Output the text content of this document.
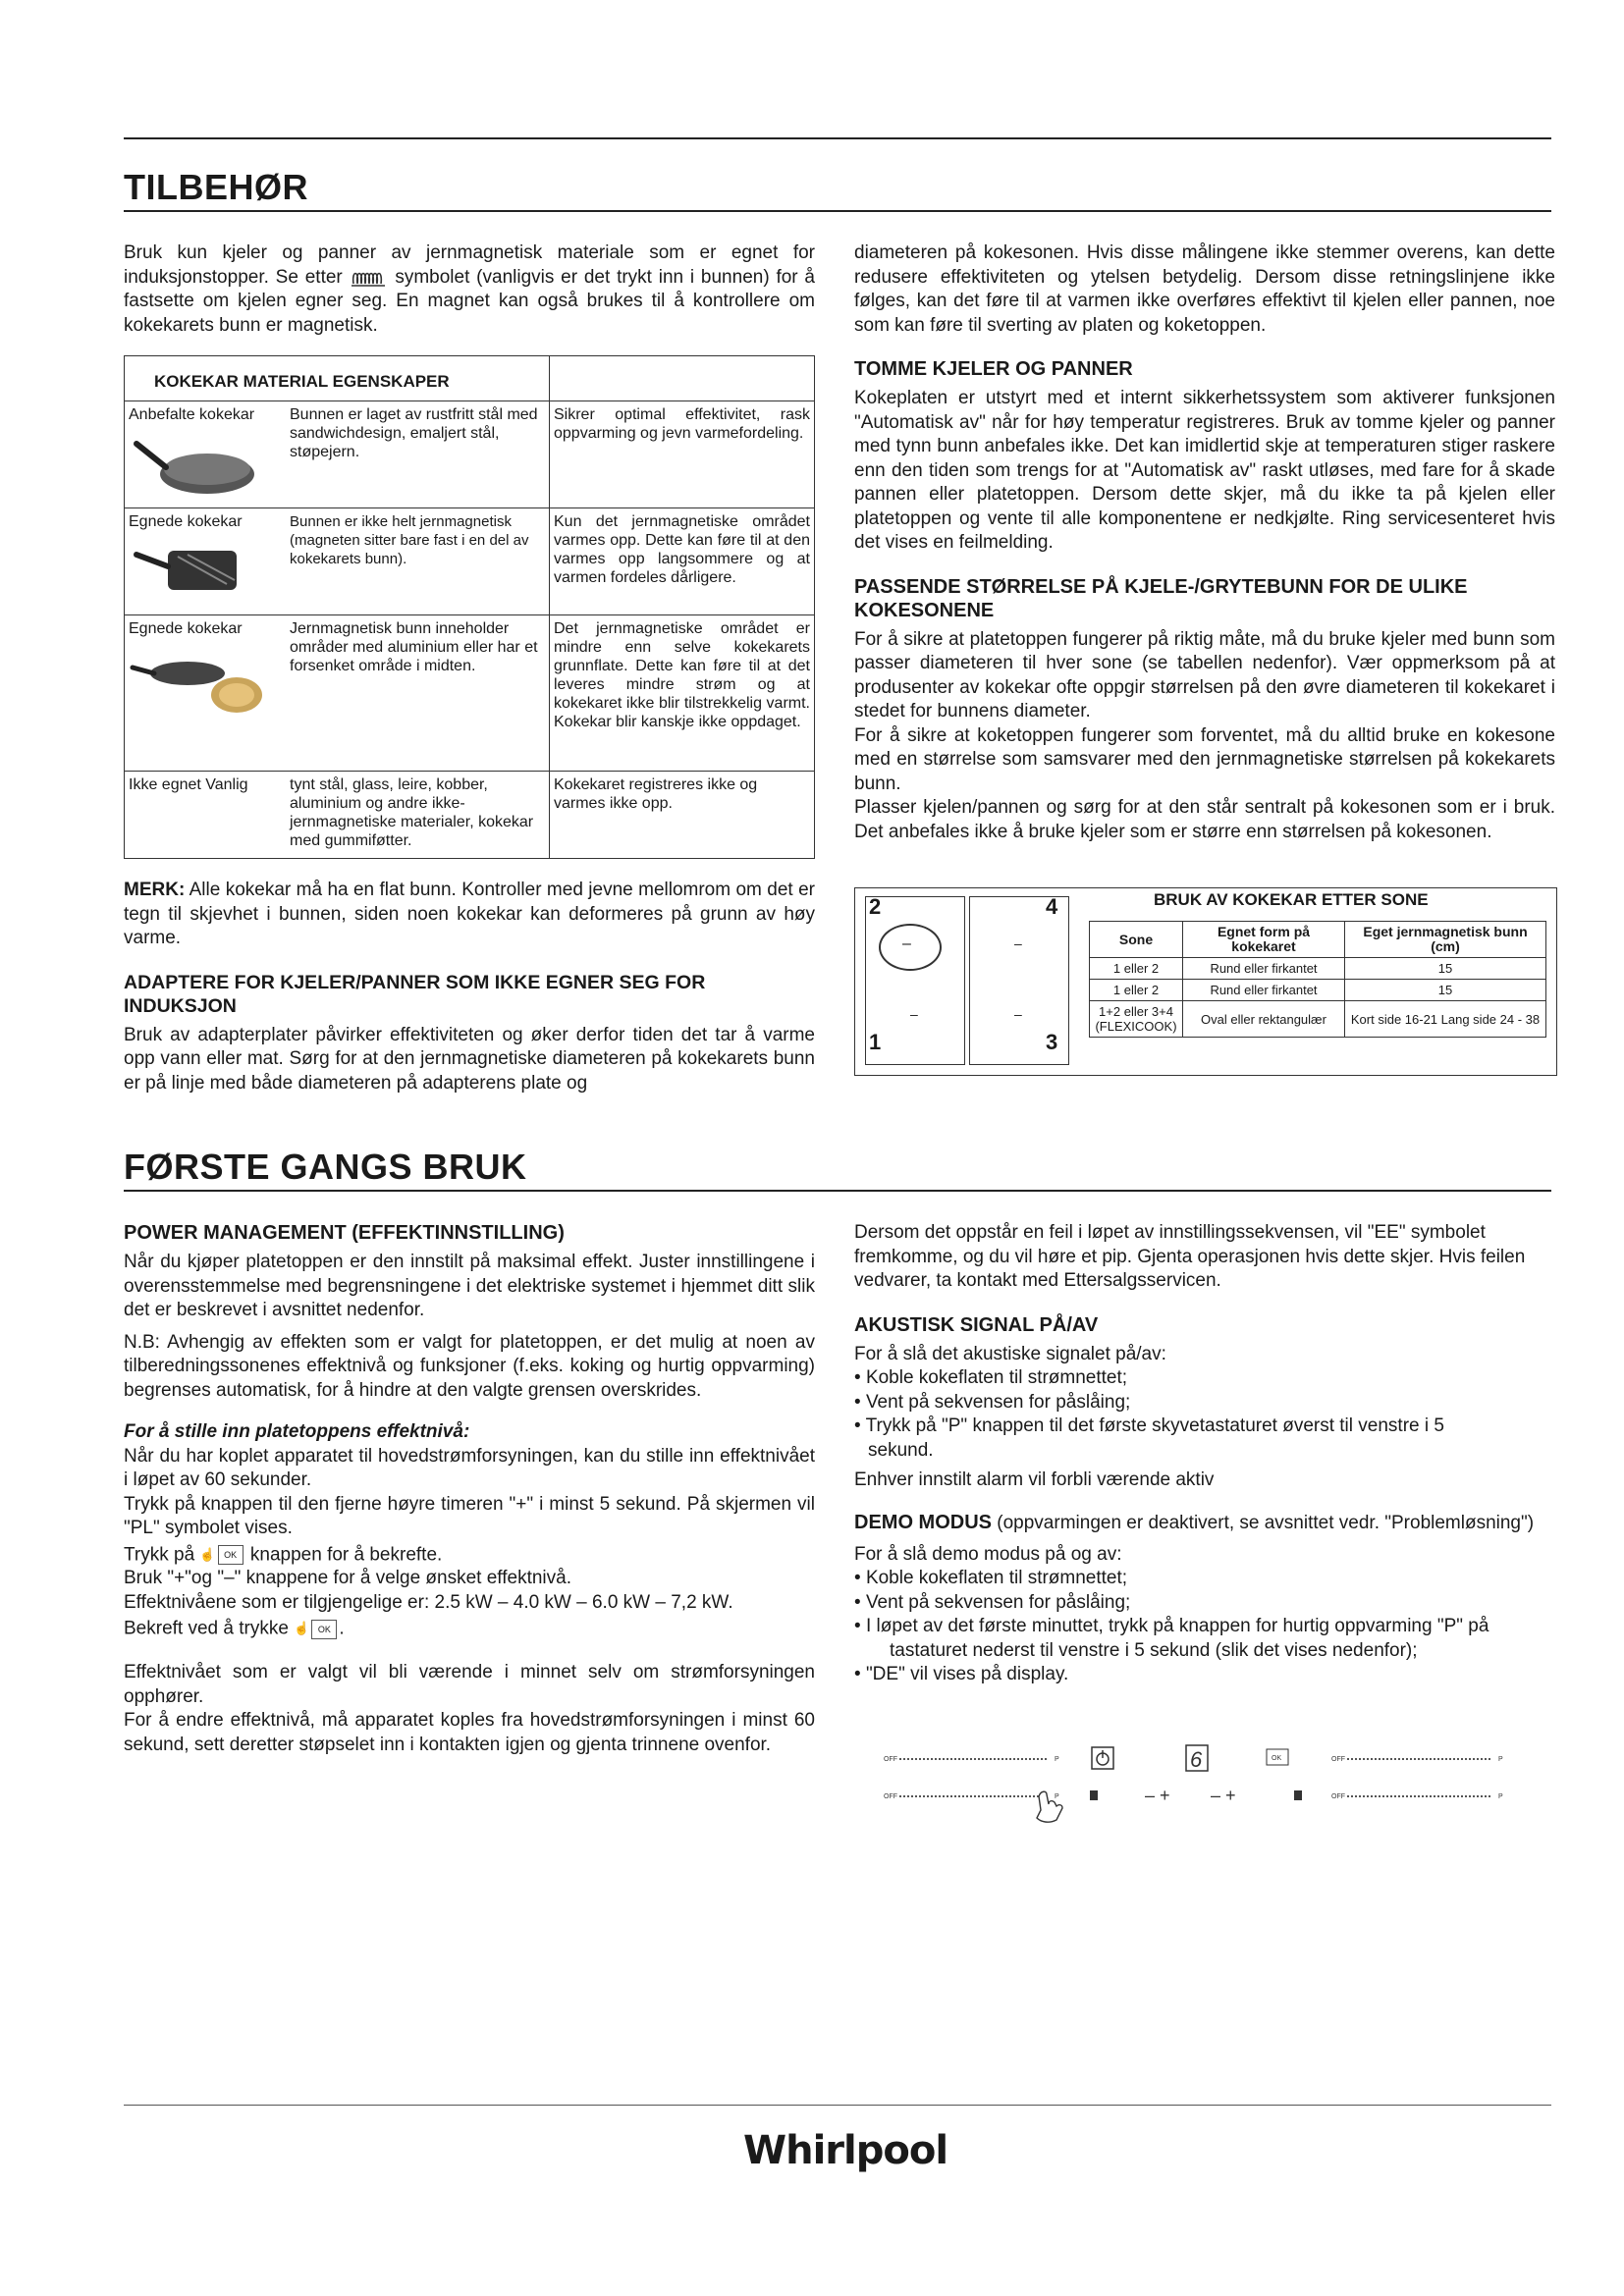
TILBEHØR

Bruk kun kjeler og panner av jernmagnetisk materiale som er egnet for induksjonstopper. Se etter  symbolet (vanligvis er det trykt inn i bunnen) for å fastsette om kjelen egner seg. En magnet kan også brukes til å kontrollere om kokekarets bunn er magnetisk.

KOKEKAR MATERIAL EGENSKAPER		
Anbefalte kokekar	Bunnen er laget av rustfritt stål med sandwichdesign, emaljert stål, støpejern.	Sikrer optimal effektivitet, rask oppvarming og jevn varmefordeling.
Egnede kokekar	Bunnen er ikke helt jernmagnetisk (magneten sitter bare fast i en del av kokekarets bunn).	Kun det jernmagnetiske området varmes opp. Dette kan føre til at den varmes opp langsommere og at varmen fordeles dårligere.
Egnede kokekar	Jernmagnetisk bunn inneholder områder med aluminium eller har et forsenket område i midten.	Det jernmagnetiske området er mindre enn selve kokekarets grunnflate. Dette kan føre til at det leveres mindre strøm og at kokekaret ikke blir tilstrekkelig varmt. Kokekar blir kanskje ikke oppdaget.
Ikke egnet Vanlig	tynt stål, glass, leire, kobber, aluminium og andre ikke-jernmagnetiske materialer, kokekar med gummiføtter.	Kokekaret registreres ikke og varmes ikke opp.

MERK: Alle kokekar må ha en flat bunn. Kontroller med jevne mellomrom om det er tegn til skjevhet i bunnen, siden noen kokekar kan deformeres på grunn av høy varme.

ADAPTERE FOR KJELER/PANNER SOM IKKE EGNER SEG FOR INDUKSJON

Bruk av adapterplater påvirker effektiviteten og øker derfor tiden det tar å varme opp vann eller mat. Sørg for at den jernmagnetiske diameteren på kokekarets bunn er på linje med både diameteren på adapterens plate og

diameteren på kokesonen. Hvis disse målingene ikke stemmer overens, kan dette redusere effektiviteten og ytelsen betydelig. Dersom disse retningslinjene ikke følges, kan det føre til at varmen ikke overføres effektivt til kjelen eller pannen, noe som kan føre til sverting av platen og koketoppen.

TOMME KJELER OG PANNER

Kokeplaten er utstyrt med et internt sikkerhetssystem som aktiverer funksjonen "Automatisk av" når for høy temperatur registreres. Bruk av tomme kjeler og panner med tynn bunn anbefales ikke. Det kan imidlertid skje at temperaturen stiger raskere enn den tiden som trengs for at "Automatisk av" raskt utløses, med fare for å skade pannen eller platetoppen. Dersom dette skjer, må du ikke ta på kjelen eller platetoppen og vente til alle komponentene er nedkjølte. Ring servicesenteret hvis det vises en feilmelding.

PASSENDE STØRRELSE PÅ KJELE-/GRYTEBUNN FOR DE ULIKE KOKESONENE

For å sikre at platetoppen fungerer på riktig måte, må du bruke kjeler med bunn som passer diameteren til hver sone (se tabellen nedenfor). Vær oppmerksom på at produsenter av kokekar ofte oppgir størrelsen på den øvre diameteren til kokekaret i stedet for bunnens diameter.

For å sikre at koketoppen fungerer som forventet, må du alltid bruke en kokesone med en størrelse som samsvarer med den jernmagnetiske størrelsen på kokekarets bunn.

Plasser kjelen/pannen og sørg for at den står sentralt på kokesonen som er i bruk. Det anbefales ikke å bruke kjeler som er større enn størrelsen på kokesonen.

BRUK AV KOKEKAR ETTER SONE
–	–
–	–
2	4
1	3
Sone	Egnet form på kokekaret	Eget jernmagnetisk bunn (cm)
1 eller 2	Rund eller firkantet	15
1 eller 2	Rund eller firkantet	15
1+2 eller 3+4 (FLEXICOOK)	Oval eller rektangulær	Kort side 16-21 Lang side 24 - 38
FØRSTE GANGS BRUK
POWER MANAGEMENT (EFFEKTINNSTILLING)

Når du kjøper platetoppen er den innstilt på maksimal effekt. Juster innstillingene i overensstemmelse med begrensningene i det elektriske systemet i hjemmet ditt slik det er beskrevet i avsnittet nedenfor.

N.B: Avhengig av effekten som er valgt for platetoppen, er det mulig at noen av tilberedningssonenes effektnivå og funksjoner (f.eks. koking og hurtig oppvarming) begrenses automatisk, for å hindre at den valgte grensen overskrides.

For å stille inn platetoppens effektnivå:

Når du har koplet apparatet til hovedstrømforsyningen, kan du stille inn effektnivået i løpet av 60 sekunder.

Trykk på knappen til den fjerne høyre timeren "+" i minst 5 sekund. På skjermen vil "PL" symbolet vises.

Trykk på ☝ OK knappen for å bekrefte.

Bruk "+"og "–" knappene for å velge ønsket effektnivå.

Effektnivåene som er tilgjengelige er: 2.5 kW – 4.0 kW – 6.0 kW – 7,2 kW.

Bekreft ved å trykke ☝ OK .

Effektnivået som er valgt vil bli værende i minnet selv om strømforsyningen opphører.

For å endre effektnivå, må apparatet koples fra hovedstrømforsyningen i minst 60 sekund, sett deretter støpselet inn i kontakten igjen og gjenta trinnene ovenfor.

Dersom det oppstår en feil i løpet av innstillingssekvensen, vil "EE" symbolet fremkomme, og du vil høre et pip. Gjenta operasjonen hvis dette skjer. Hvis feilen vedvarer, ta kontakt med Ettersalgsservicen.

AKUSTISK SIGNAL PÅ/AV

For å slå det akustiske signalet på/av:

• Koble kokeflaten til strømnettet;
• Vent på sekvensen for påslåing;
• Trykk på "P" knappen til det første skyvetastaturet øverst til venstre i 5 sekund.

Enhver innstilt alarm vil forbli værende aktiv

DEMO MODUS (oppvarmingen er deaktivert, se avsnittet vedr. "Problemløsning")

For å slå demo modus på og av:

• Koble kokeflaten til strømnettet;
• Vent på sekvensen for påslåing;
• I løpet av det første minuttet, trykk på knappen for hurtig oppvarming "P" på tastaturet nederst til venstre i 5 sekund (slik det vises nedenfor);
• "DE" vil vises på display.
OFF	P
OFF	P
OFF	P
OFF	P
6	OK
– + – +
Whirlpool
